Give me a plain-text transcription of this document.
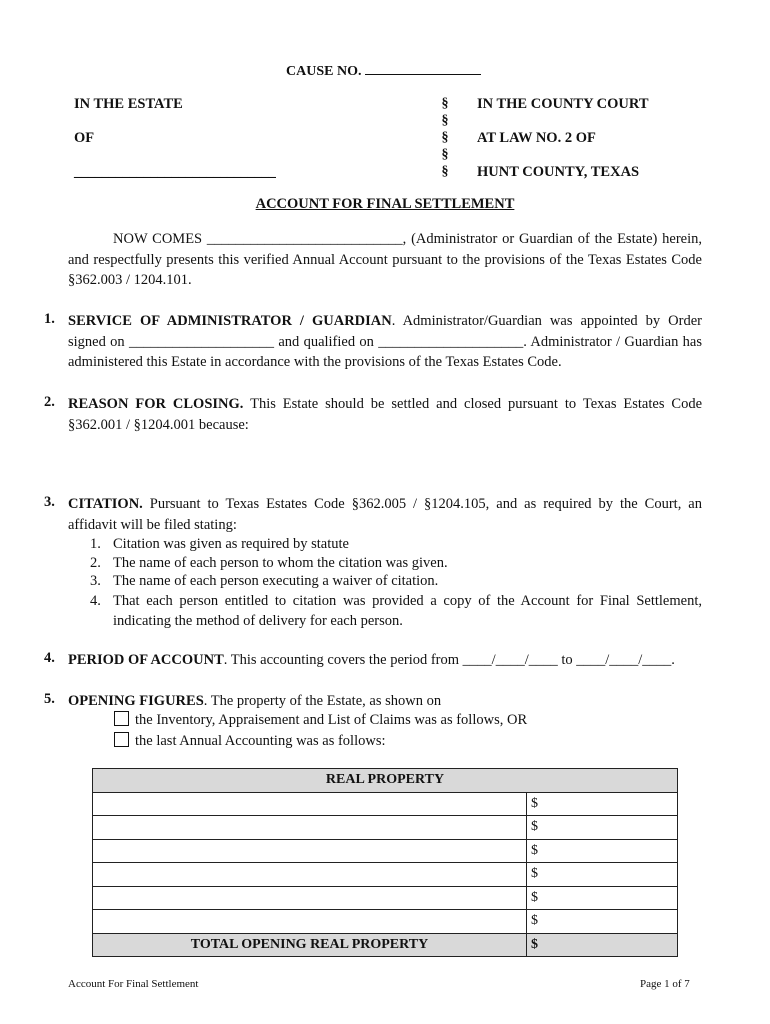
CAUSE NO.
IN THE ESTATE
OF
_____________________________
§
§
§
§
§
IN THE COUNTY COURT
AT LAW NO. 2 OF
HUNT COUNTY, TEXAS
ACCOUNT FOR FINAL SETTLEMENT
NOW COMES ___________________________, (Administrator or Guardian of the Estate) herein, and respectfully presents this verified Annual Account pursuant to the provisions of the Texas Estates Code §362.003 / 1204.101.
1. SERVICE OF ADMINISTRATOR / GUARDIAN. Administrator/Guardian was appointed by Order signed on ____________________ and qualified on ____________________. Administrator / Guardian has administered this Estate in accordance with the provisions of the Texas Estates Code.
2. REASON FOR CLOSING. This Estate should be settled and closed pursuant to Texas Estates Code §362.001 / §1204.001 because:
3. CITATION. Pursuant to Texas Estates Code §362.005 / §1204.105, and as required by the Court, an affidavit will be filed stating:
1. Citation was given as required by statute
2. The name of each person to whom the citation was given.
3. The name of each person executing a waiver of citation.
4. That each person entitled to citation was provided a copy of the Account for Final Settlement, indicating the method of delivery for each person.
4. PERIOD OF ACCOUNT. This accounting covers the period from ____/____/____ to ____/____/____.
5. OPENING FIGURES. The property of the Estate, as shown on
the Inventory, Appraisement and List of Claims was as follows, OR
the last Annual Accounting was as follows:
REAL PROPERTY	
	$
	$
	$
	$
	$
	$
TOTAL OPENING REAL PROPERTY	$
Account For Final Settlement	Page 1 of 7
